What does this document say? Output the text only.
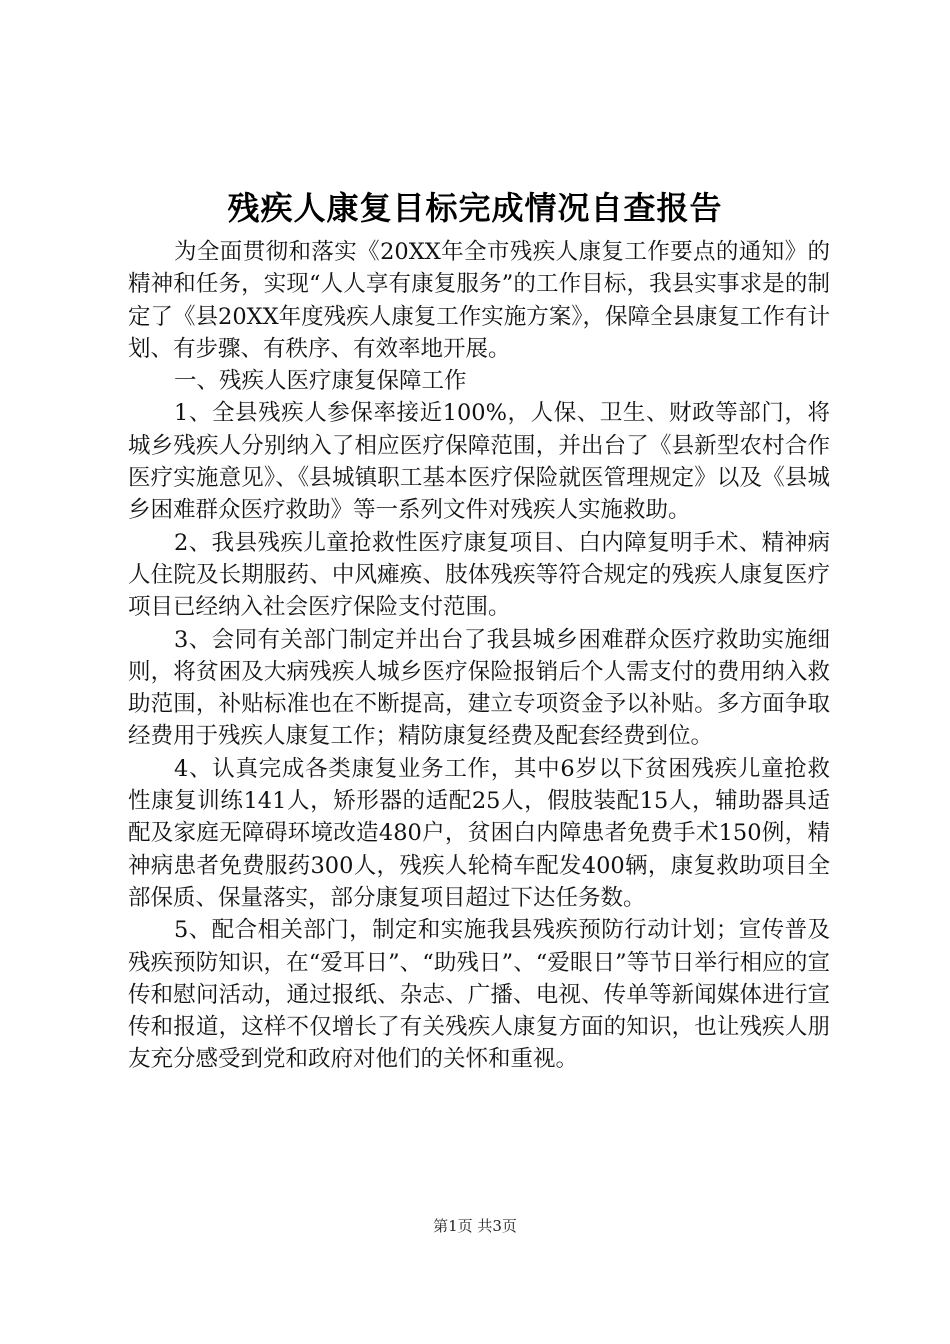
残疾人康复目标完成情况自查报告

为全面贯彻和落实《20XX年全市残疾人康复工作要点的通知》的精神和任务，实现“人人享有康复服务”的工作目标，我县实事求是的制定了《县20XX年度残疾人康复工作实施方案》，保障全县康复工作有计划、有步骤、有秩序、有效率地开展。

一、残疾人医疗康复保障工作

1、全县残疾人参保率接近100%，人保、卫生、财政等部门，将城乡残疾人分别纳入了相应医疗保障范围，并出台了《县新型农村合作医疗实施意见》、《县城镇职工基本医疗保险就医管理规定》以及《县城乡困难群众医疗救助》等一系列文件对残疾人实施救助。

2、我县残疾儿童抢救性医疗康复项目、白内障复明手术、精神病人住院及长期服药、中风瘫痪、肢体残疾等符合规定的残疾人康复医疗项目已经纳入社会医疗保险支付范围。

3、会同有关部门制定并出台了我县城乡困难群众医疗救助实施细则，将贫困及大病残疾人城乡医疗保险报销后个人需支付的费用纳入救助范围，补贴标准也在不断提高，建立专项资金予以补贴。多方面争取经费用于残疾人康复工作；精防康复经费及配套经费到位。

4、认真完成各类康复业务工作，其中6岁以下贫困残疾儿童抢救性康复训练141人，矫形器的适配25人，假肢装配15人，辅助器具适配及家庭无障碍环境改造480户，贫困白内障患者免费手术150例，精神病患者免费服药300人，残疾人轮椅车配发400辆，康复救助项目全部保质、保量落实，部分康复项目超过下达任务数。

5、配合相关部门，制定和实施我县残疾预防行动计划；宣传普及残疾预防知识，在“爱耳日”、“助残日”、“爱眼日”等节日举行相应的宣传和慰问活动，通过报纸、杂志、广播、电视、传单等新闻媒体进行宣传和报道，这样不仅增长了有关残疾人康复方面的知识，也让残疾人朋友充分感受到党和政府对他们的关怀和重视。

第1页 共3页
